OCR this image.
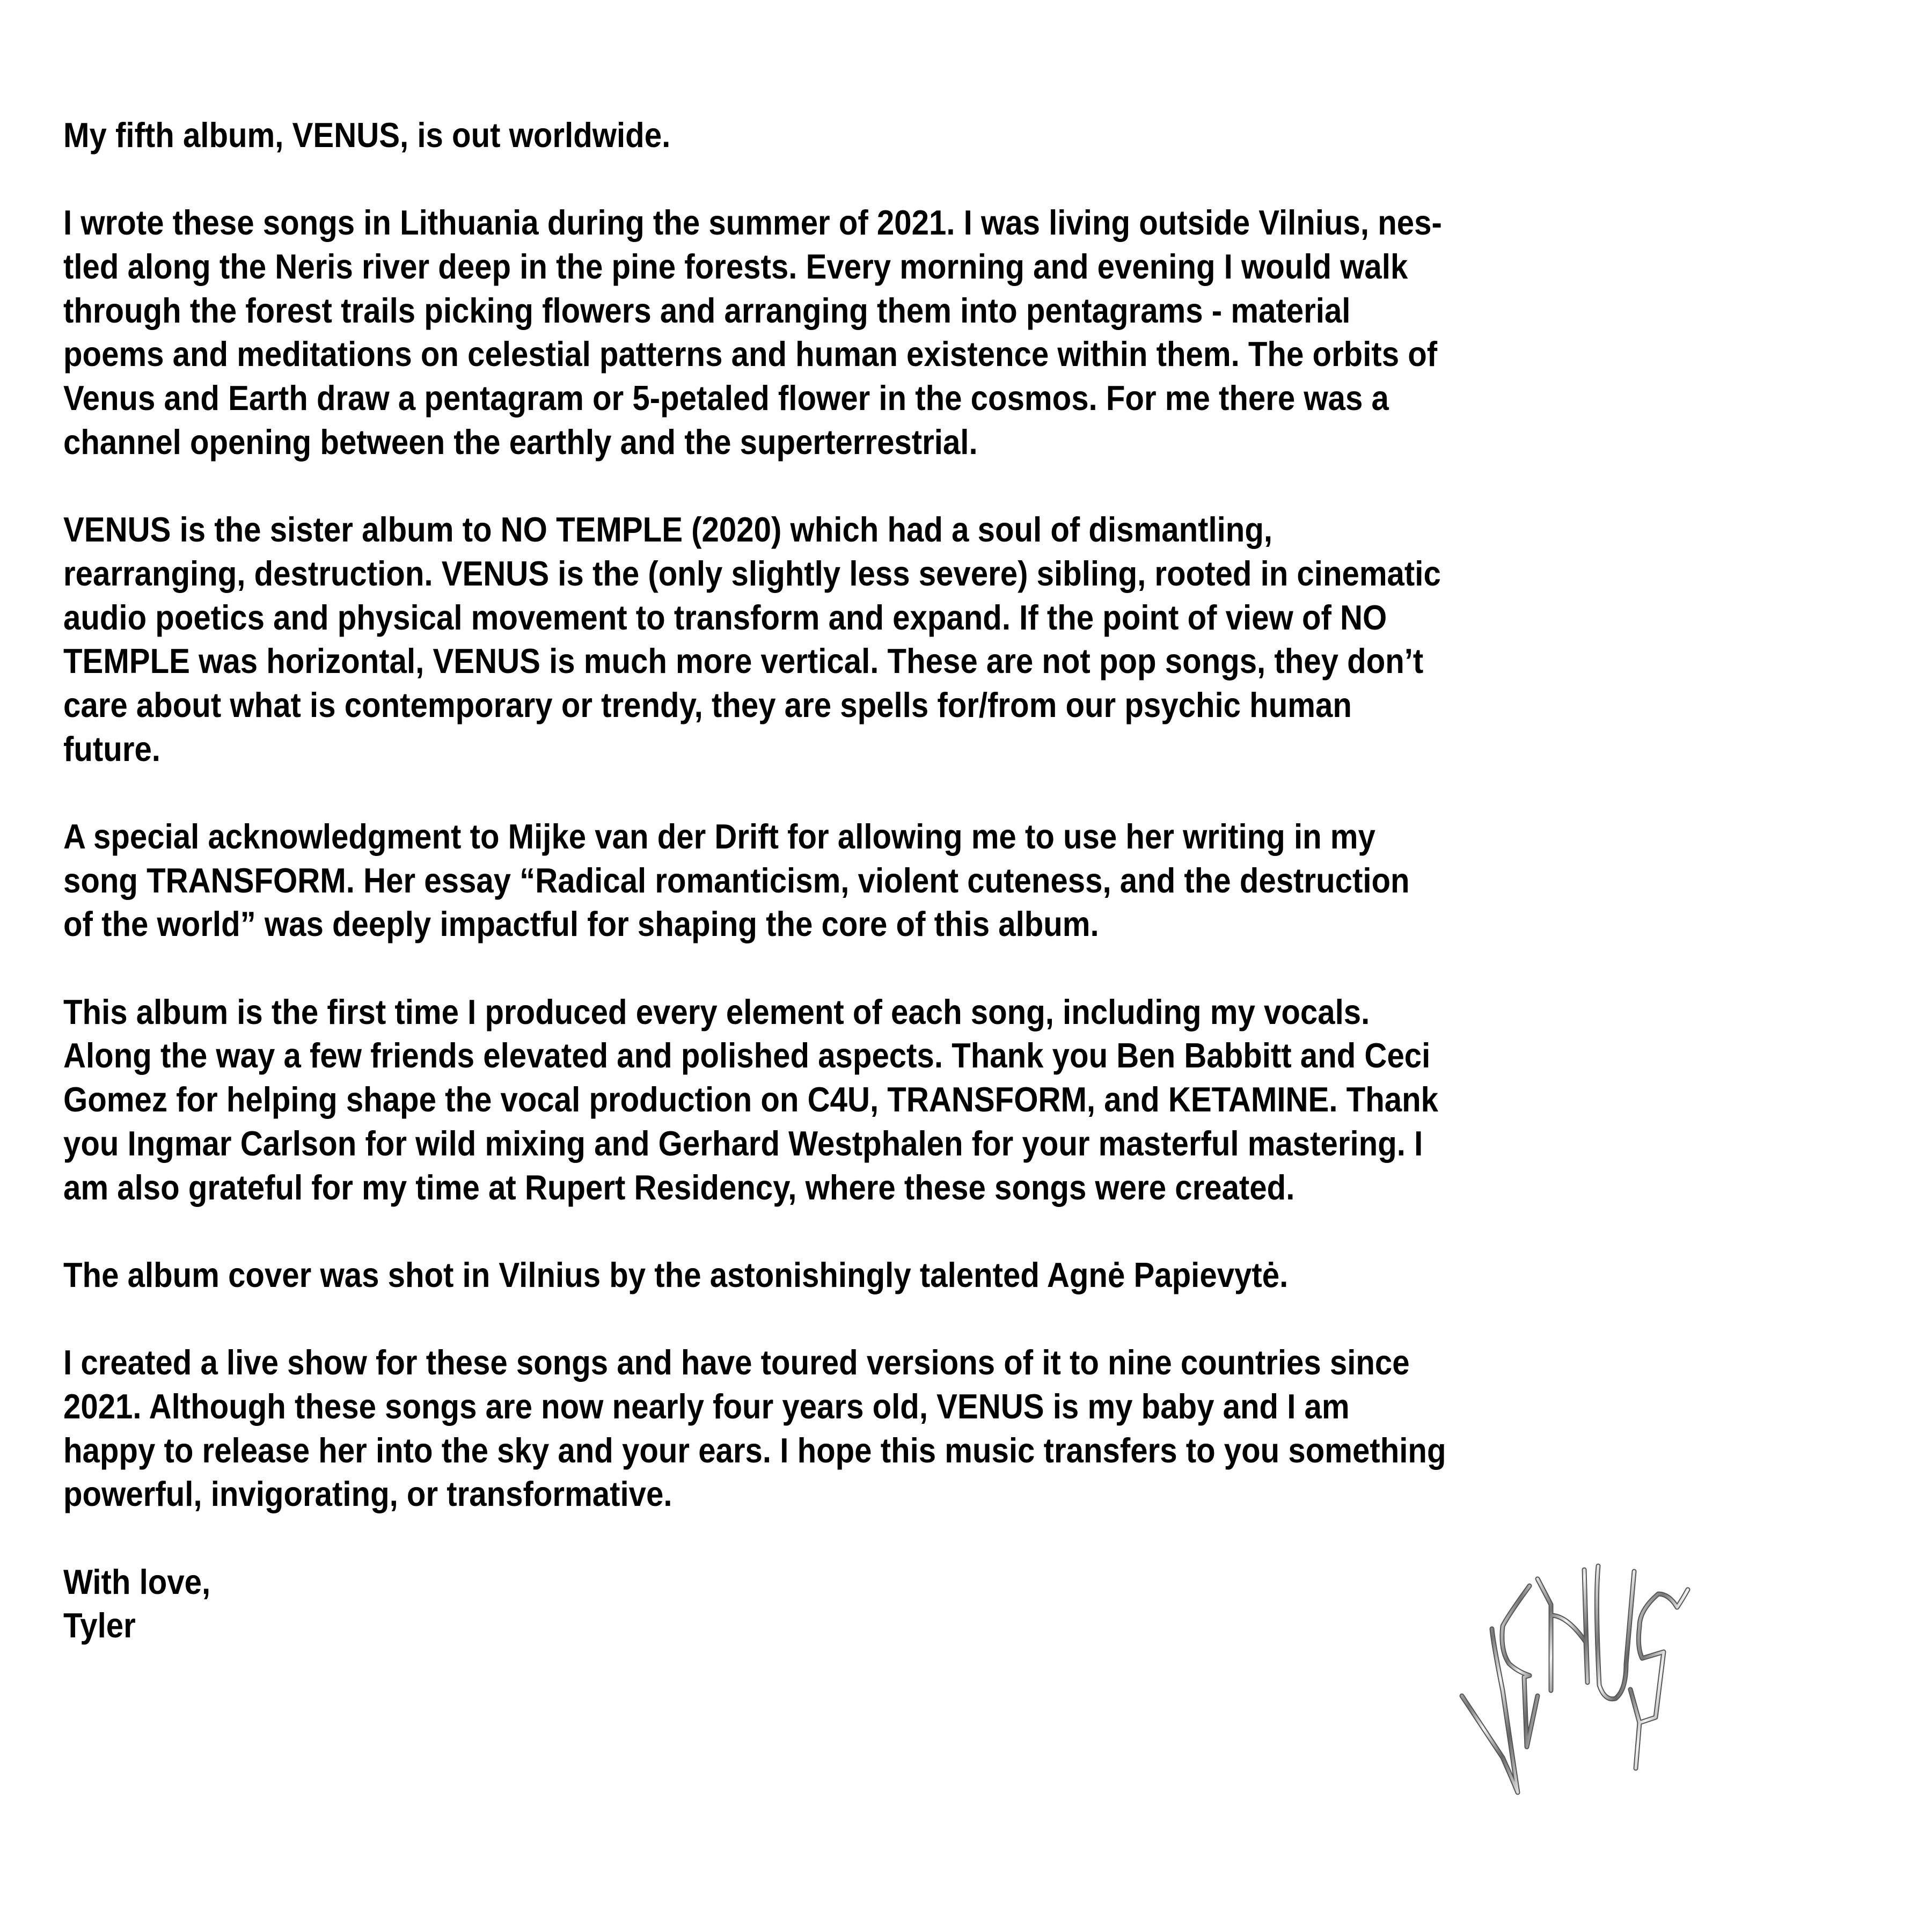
My fifth album, VENUS, is out worldwide.
I wrote these songs in Lithuania during the summer of 2021. I was living outside Vilnius, nes-
tled along the Neris river deep in the pine forests. Every morning and evening I would walk
through the forest trails picking flowers and arranging them into pentagrams - material
poems and meditations on celestial patterns and human existence within them. The orbits of
Venus and Earth draw a pentagram or 5-petaled flower in the cosmos. For me there was a
channel opening between the earthly and the superterrestrial.
VENUS is the sister album to NO TEMPLE (2020) which had a soul of dismantling,
rearranging, destruction. VENUS is the (only slightly less severe) sibling, rooted in cinematic
audio poetics and physical movement to transform and expand. If the point of view of NO
TEMPLE was horizontal, VENUS is much more vertical. These are not pop songs, they don’t
care about what is contemporary or trendy, they are spells for/from our psychic human
future.
A special acknowledgment to Mijke van der Drift for allowing me to use her writing in my
song TRANSFORM. Her essay “Radical romanticism, violent cuteness, and the destruction
of the world” was deeply impactful for shaping the core of this album.
This album is the first time I produced every element of each song, including my vocals.
Along the way a few friends elevated and polished aspects. Thank you Ben Babbitt and Ceci
Gomez for helping shape the vocal production on C4U, TRANSFORM, and KETAMINE. Thank
you Ingmar Carlson for wild mixing and Gerhard Westphalen for your masterful mastering. I
am also grateful for my time at Rupert Residency, where these songs were created.
The album cover was shot in Vilnius by the astonishingly talented Agnė Papievytė.
I created a live show for these songs and have toured versions of it to nine countries since
2021. Although these songs are now nearly four years old, VENUS is my baby and I am
happy to release her into the sky and your ears. I hope this music transfers to you something
powerful, invigorating, or transformative.
With love,
Tyler
